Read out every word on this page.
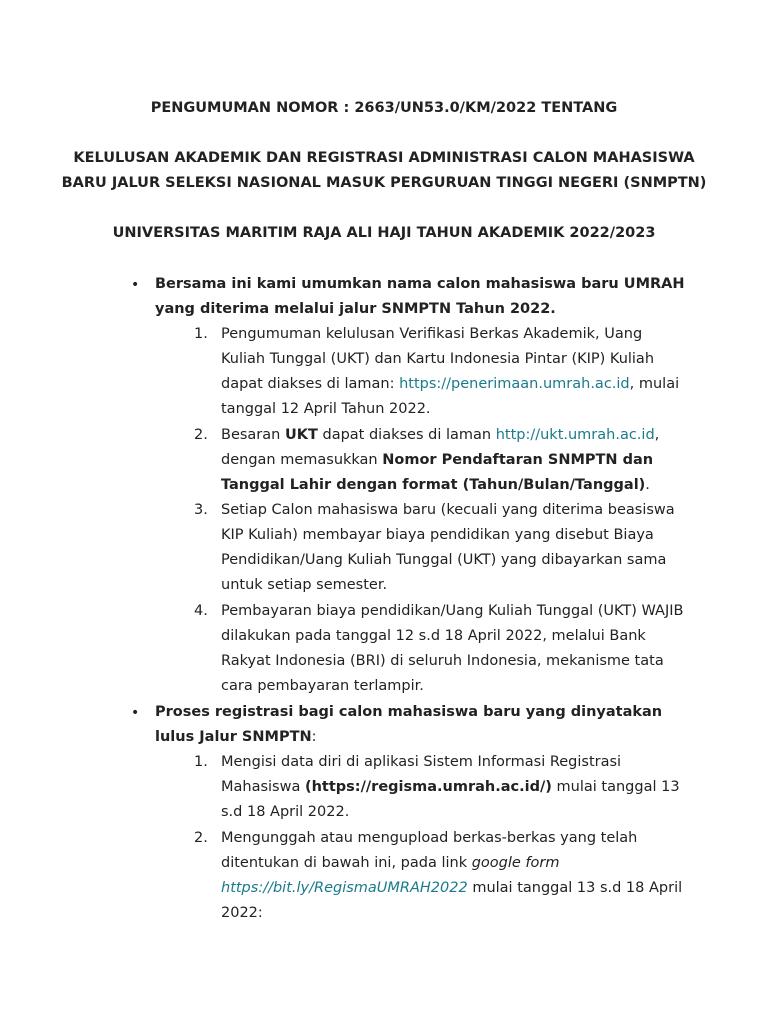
PENGUMUMAN NOMOR : 2663/UN53.0/KM/2022 TENTANG
KELULUSAN AKADEMIK DAN REGISTRASI ADMINISTRASI CALON MAHASISWA
BARU JALUR SELEKSI NASIONAL MASUK PERGURUAN TINGGI NEGERI (SNMPTN)
UNIVERSITAS MARITIM RAJA ALI HAJI TAHUN AKADEMIK 2022/2023
• Bersama ini kami umumkan nama calon mahasiswa baru UMRAH yang diterima melalui jalur SNMPTN Tahun 2022.
1. Pengumuman kelulusan Verifikasi Berkas Akademik, Uang Kuliah Tunggal (UKT) dan Kartu Indonesia Pintar (KIP) Kuliah dapat diakses di laman: https://penerimaan.umrah.ac.id, mulai tanggal 12 April Tahun 2022.
2. Besaran UKT dapat diakses di laman http://ukt.umrah.ac.id, dengan memasukkan Nomor Pendaftaran SNMPTN dan Tanggal Lahir dengan format (Tahun/Bulan/Tanggal).
3. Setiap Calon mahasiswa baru (kecuali yang diterima beasiswa KIP Kuliah) membayar biaya pendidikan yang disebut Biaya Pendidikan/Uang Kuliah Tunggal (UKT) yang dibayarkan sama untuk setiap semester.
4. Pembayaran biaya pendidikan/Uang Kuliah Tunggal (UKT) WAJIB dilakukan pada tanggal 12 s.d 18 April 2022, melalui Bank Rakyat Indonesia (BRI) di seluruh Indonesia, mekanisme tata cara pembayaran terlampir.
• Proses registrasi bagi calon mahasiswa baru yang dinyatakan lulus Jalur SNMPTN:
1. Mengisi data diri di aplikasi Sistem Informasi Registrasi Mahasiswa (https://regisma.umrah.ac.id/) mulai tanggal 13 s.d 18 April 2022.
2. Mengunggah atau mengupload berkas-berkas yang telah ditentukan di bawah ini, pada link google form https://bit.ly/RegismaUMRAH2022 mulai tanggal 13 s.d 18 April 2022:
